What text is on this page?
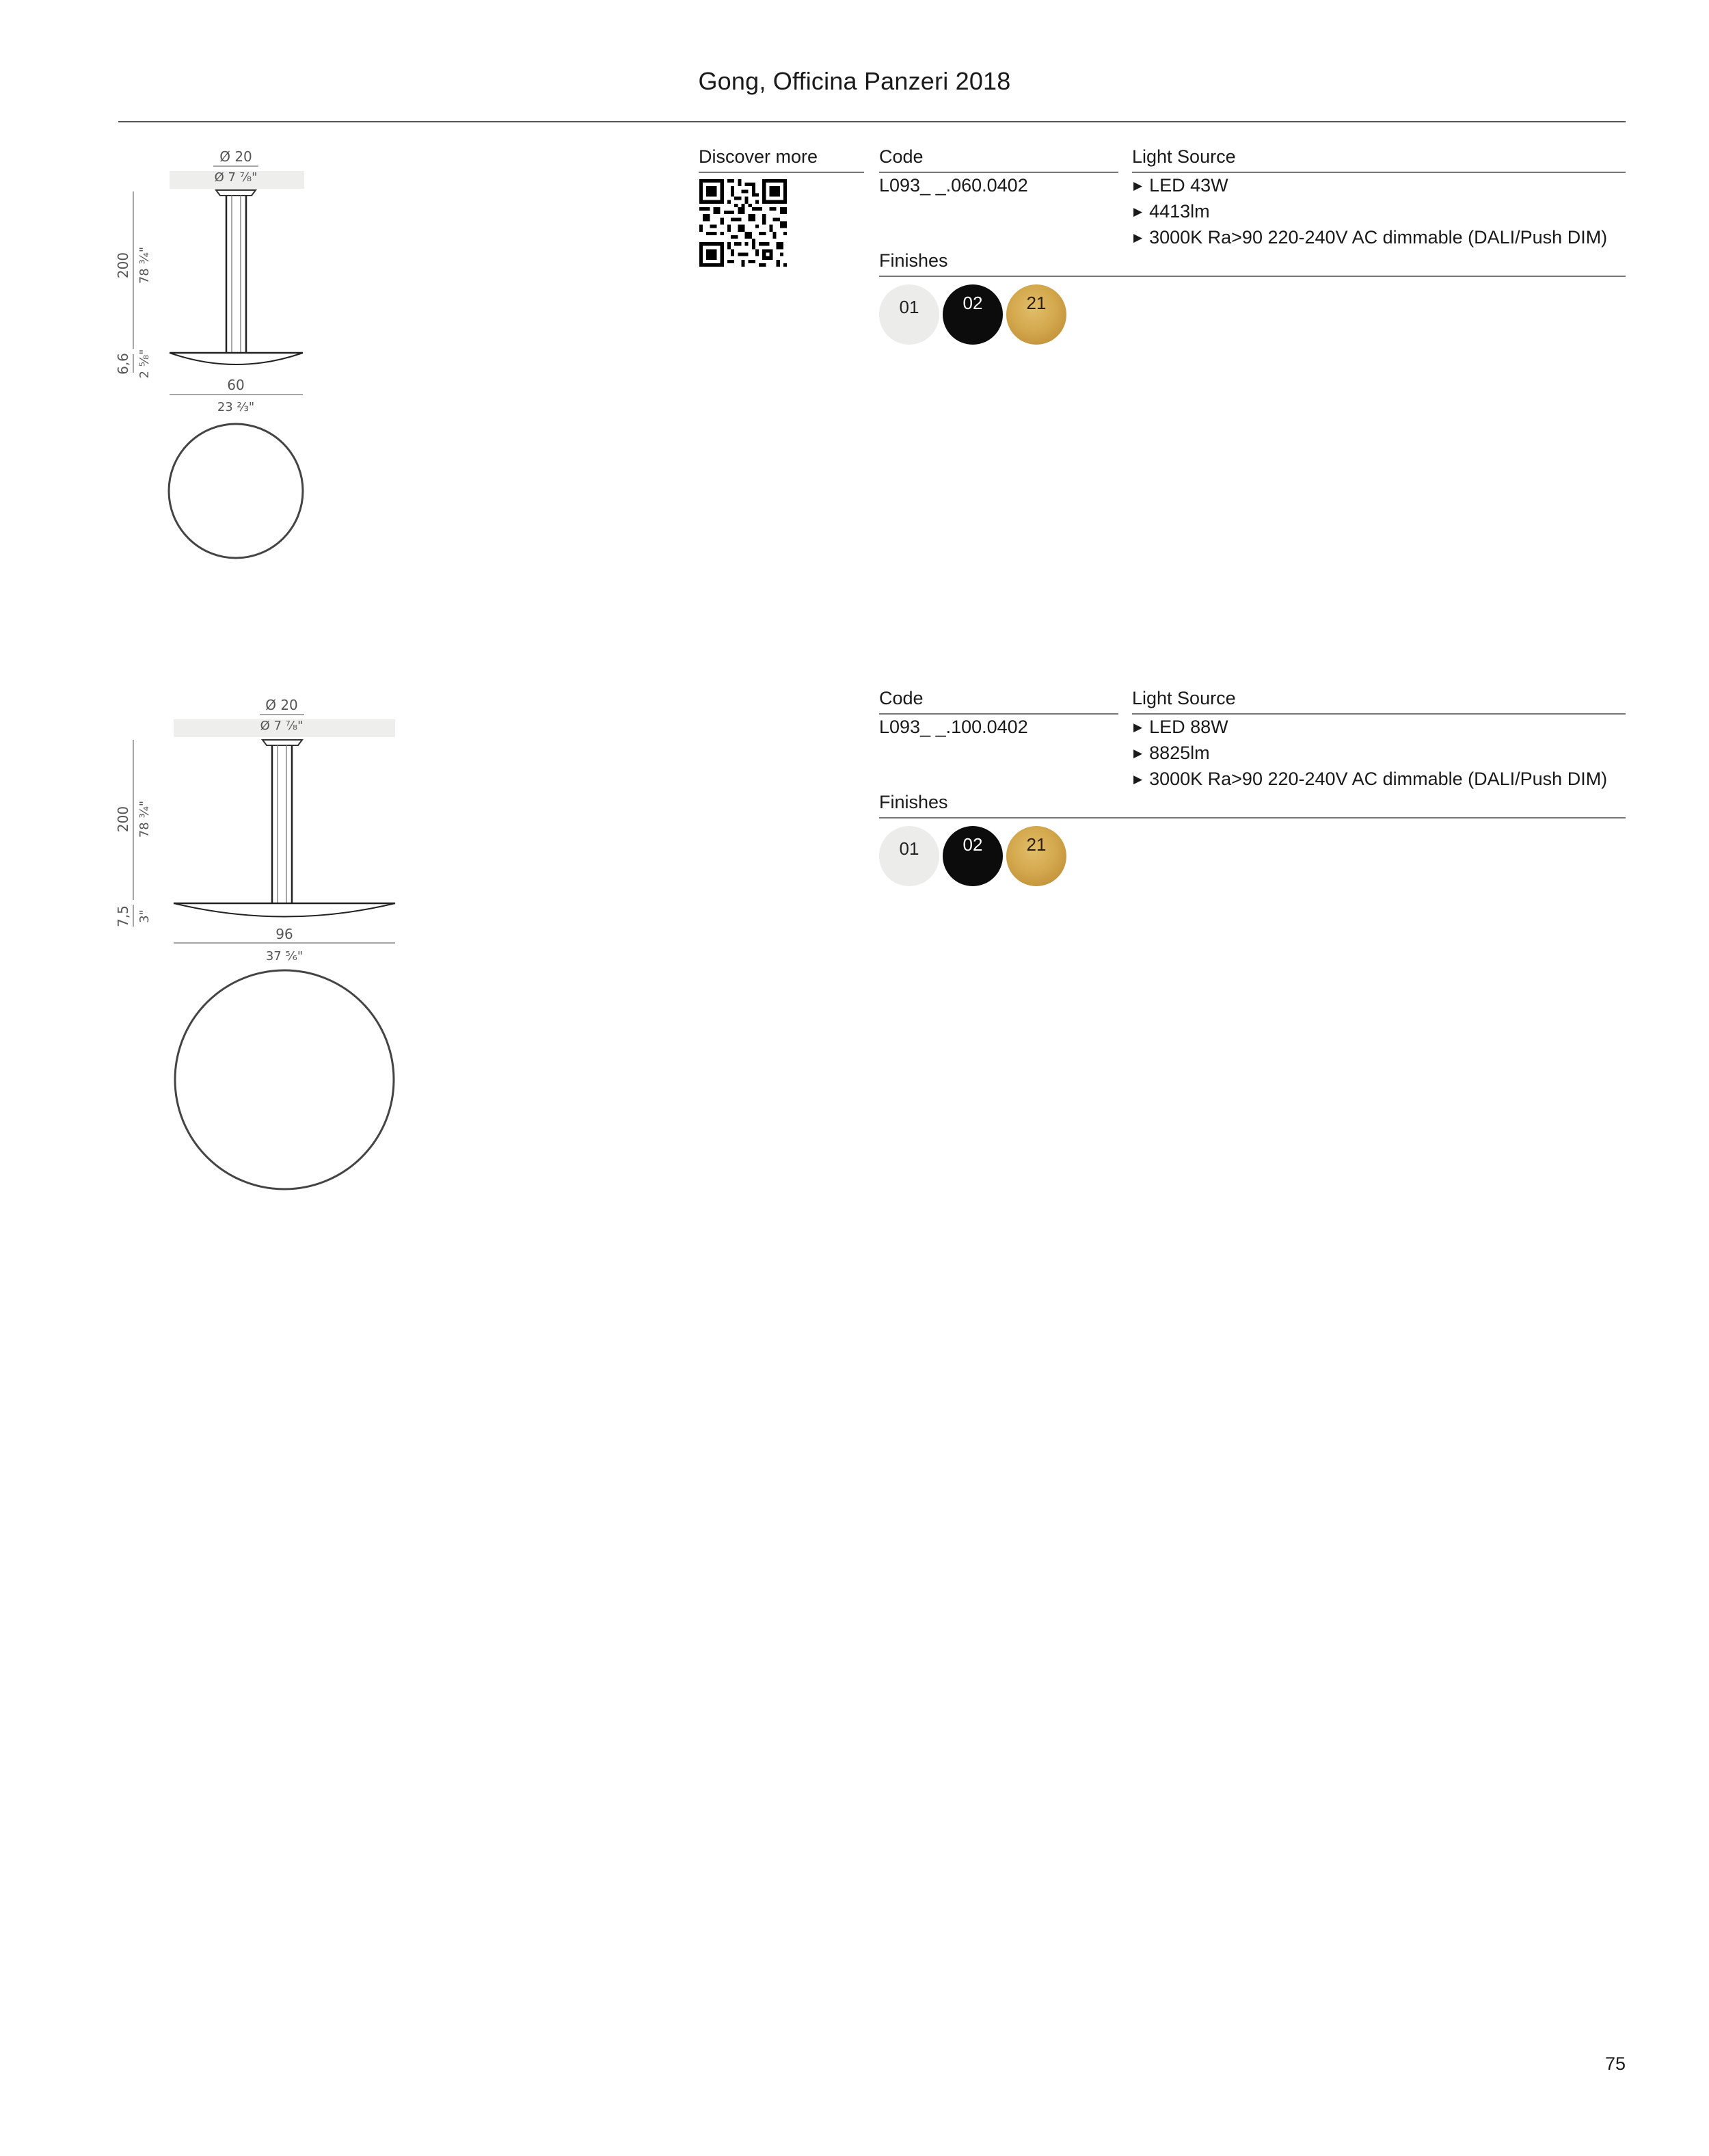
Gong, Officina Panzeri 2018
Ø 20
Ø 7 ⁷⁄₈"
200 78 ¾"
6,6 2 ⅝"
60
23 ⅔"
Discover more	Code
L093_ _.060.0402
Light Source
▶ LED 43W
▶ 4413lm
▶ 3000K Ra>90 220-240V AC dimmable (DALI/Push DIM)
Finishes
01	02	21
Ø 20
Ø 7 ⁷⁄₈"
200 78 ¾"
7,5 3"
96
37 ⁵⁄₆"
Code
L093_ _.100.0402
Light Source
▶ LED 88W
▶ 8825lm
▶ 3000K Ra>90 220-240V AC dimmable (DALI/Push DIM)
Finishes
01	02	21
75
